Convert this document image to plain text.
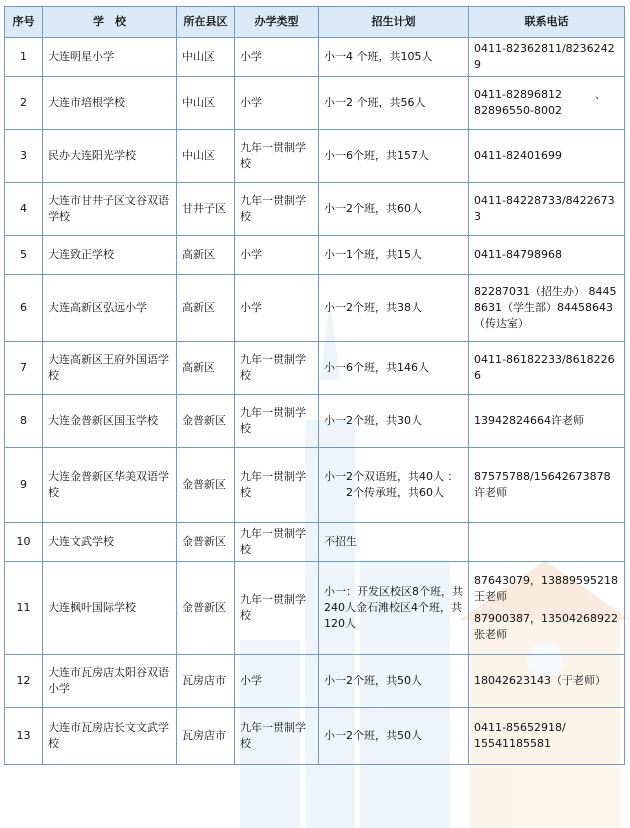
序号	学　校	所在县区	办学类型	招生计划	联系电话
1	大连明星小学	中山区	小学	小一4 个班，共105人	0411-82362811/82362429

2	大连市培根学校	中山区	小学	小一2 个班，共56人	0411-82896812　　　、
82896550-8002

3	民办大连阳光学校	中山区	九年一贯制学校	小一6个班，共157人	0411-82401699

4	大连市甘井子区文谷双语学校	甘井子区	九年一贯制学校	小一2个班，共60人	0411-84228733/84226733

5	大连致正学校	高新区	小学	小一1个班，共15人	0411-84798968

6	大连高新区弘远小学	高新区	小学	小一2个班，共38人	82287031（招生办） 84458631（学生部）84458643（传达室）

7	大连高新区王府外国语学校	高新区	九年一贯制学校	小一6个班，共146人	0411-86182233/86182266

8	大连金普新区国玉学校	金普新区	九年一贯制学校	小一2个班，共30人	13942824664许老师

9	大连金普新区华美双语学校	金普新区	九年一贯制学校	小一2个双语班，共40人 ：
2个传承班，共60人	87575788/15642673878许老师

10	大连文武学校	金普新区	九年一贯制学校	不招生	

11	大连枫叶国际学校	金普新区	九年一贯制学校	小一：开发区校区8个班，共240人金石滩校区4个班，共120人	87643079，13889595218王老师
87900387，13504268922张老师

12	大连市瓦房店太阳谷双语小学	瓦房店市	小学	小一2个班，共50人	18042623143（于老师）

13	大连市瓦房店长文文武学校	瓦房店市	九年一贯制学校	小一2个班，共50人	0411-85652918/
15541185581
